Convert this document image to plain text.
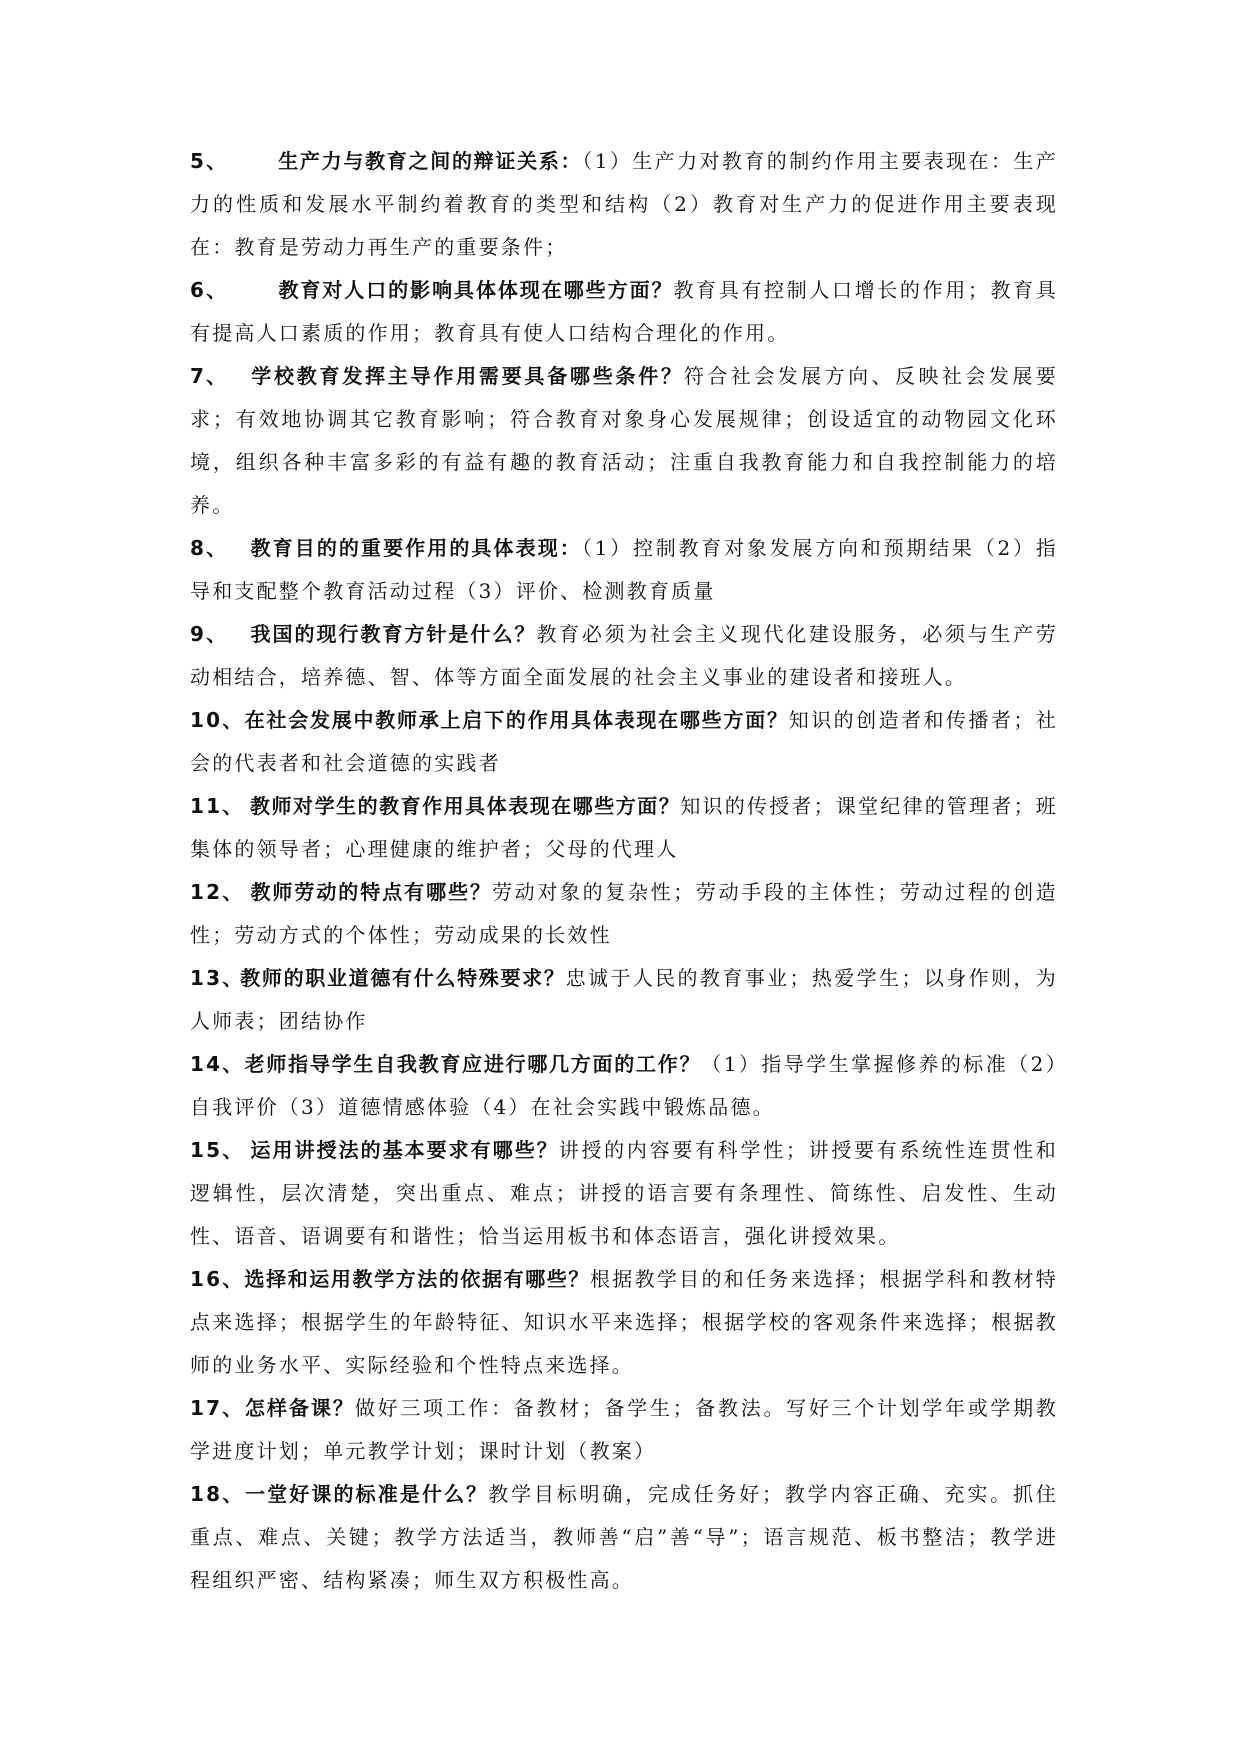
5、 生产力与教育之间的辩证关系：（1）生产力对教育的制约作用主要表现在：生产力的性质和发展水平制约着教育的类型和结构（2）教育对生产力的促进作用主要表现在：教育是劳动力再生产的重要条件；

6、 教育对人口的影响具体体现在哪些方面？教育具有控制人口增长的作用；教育具有提高人口素质的作用；教育具有使人口结构合理化的作用。

7、 学校教育发挥主导作用需要具备哪些条件？符合社会发展方向、反映社会发展要求；有效地协调其它教育影响；符合教育对象身心发展规律；创设适宜的动物园文化环境，组织各种丰富多彩的有益有趣的教育活动；注重自我教育能力和自我控制能力的培养。

8、 教育目的的重要作用的具体表现：（1）控制教育对象发展方向和预期结果（2）指导和支配整个教育活动过程（3）评价、检测教育质量

9、 我国的现行教育方针是什么？教育必须为社会主义现代化建设服务，必须与生产劳动相结合，培养德、智、体等方面全面发展的社会主义事业的建设者和接班人。

10、在社会发展中教师承上启下的作用具体表现在哪些方面？知识的创造者和传播者；社会的代表者和社会道德的实践者

11、 教师对学生的教育作用具体表现在哪些方面？知识的传授者；课堂纪律的管理者；班集体的领导者；心理健康的维护者；父母的代理人

12、 教师劳动的特点有哪些？劳动对象的复杂性；劳动手段的主体性；劳动过程的创造性；劳动方式的个体性；劳动成果的长效性

13、教师的职业道德有什么特殊要求？忠诚于人民的教育事业；热爱学生；以身作则，为人师表；团结协作

14、老师指导学生自我教育应进行哪几方面的工作？（1）指导学生掌握修养的标准（2）自我评价（3）道德情感体验（4）在社会实践中锻炼品德。

15、 运用讲授法的基本要求有哪些？讲授的内容要有科学性；讲授要有系统性连贯性和逻辑性，层次清楚，突出重点、难点；讲授的语言要有条理性、简练性、启发性、生动性、语音、语调要有和谐性；恰当运用板书和体态语言，强化讲授效果。

16、选择和运用教学方法的依据有哪些？根据教学目的和任务来选择；根据学科和教材特点来选择；根据学生的年龄特征、知识水平来选择；根据学校的客观条件来选择；根据教师的业务水平、实际经验和个性特点来选择。

17、怎样备课？做好三项工作：备教材；备学生；备教法。写好三个计划学年或学期教学进度计划；单元教学计划；课时计划（教案）

18、一堂好课的标准是什么？教学目标明确，完成任务好；教学内容正确、充实。抓住重点、难点、关键；教学方法适当，教师善“启”善“导”；语言规范、板书整洁；教学进程组织严密、结构紧凑；师生双方积极性高。
